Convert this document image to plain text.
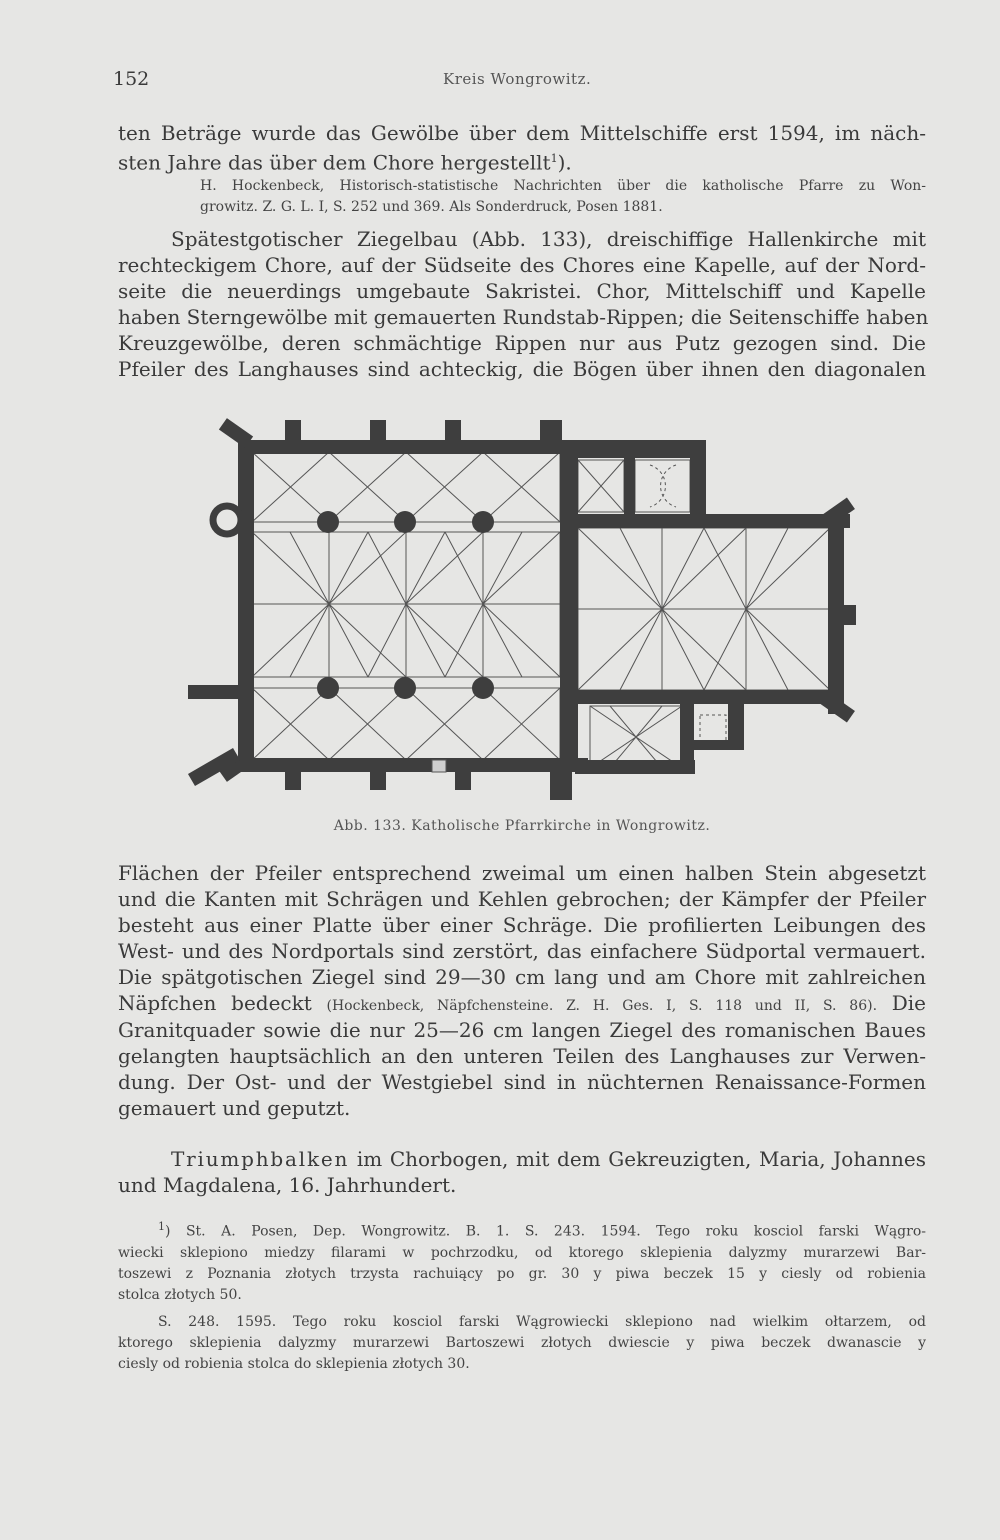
152	Kreis Wongrowitz.
ten Beträge wurde das Gewölbe über dem Mittelschiffe erst 1594, im näch-
sten Jahre das über dem Chore hergestellt$^1$).
H. Hockenbeck, Historisch-statistische Nachrichten über die katholische Pfarre zu Won-
growitz. Z. G. L. I, S. 252 und 369. Als Sonderdruck, Posen 1881.
Spätestgotischer Ziegelbau (Abb. 133), dreischiffige Hallenkirche mit
rechteckigem Chore, auf der Südseite des Chores eine Kapelle, auf der Nord-
seite die neuerdings umgebaute Sakristei. Chor, Mittelschiff und Kapelle
haben Sterngewölbe mit gemauerten Rundstab-Rippen; die Seitenschiffe haben
Kreuzgewölbe, deren schmächtige Rippen nur aus Putz gezogen sind. Die
Pfeiler des Langhauses sind achteckig, die Bögen über ihnen den diagonalen
Abb. 133. Katholische Pfarrkirche in Wongrowitz.
Flächen der Pfeiler entsprechend zweimal um einen halben Stein abgesetzt
und die Kanten mit Schrägen und Kehlen gebrochen; der Kämpfer der Pfeiler
besteht aus einer Platte über einer Schräge. Die profilierten Leibungen des
West- und des Nordportals sind zerstört, das einfachere Südportal vermauert.
Die spätgotischen Ziegel sind 29—30 cm lang und am Chore mit zahlreichen
Näpfchen bedeckt (Hockenbeck, Näpfchensteine. Z. H. Ges. I, S. 118 und II, S. 86). Die
Granitquader sowie die nur 25—26 cm langen Ziegel des romanischen Baues
gelangten hauptsächlich an den unteren Teilen des Langhauses zur Verwen-
dung. Der Ost- und der Westgiebel sind in nüchternen Renaissance-Formen
gemauert und geputzt.
Triumphbalken im Chorbogen, mit dem Gekreuzigten, Maria, Johannes
und Magdalena, 16. Jahrhundert.
$^1$) St. A. Posen, Dep. Wongrowitz. B. 1. S. 243. 1594. Tego roku kosciol farski Wągro-
wiecki sklepiono miedzy filarami w pochrzodku, od ktorego sklepienia dalyzmy murarzewi Bar-
toszewi z Poznania złotych trzysta rachuiący po gr. 30 y piwa beczek 15 y ciesly od robienia
stolca złotych 50.
S. 248. 1595. Tego roku kosciol farski Wągrowiecki sklepiono nad wielkim ołtarzem, od
ktorego sklepienia dalyzmy murarzewi Bartoszewi złotych dwiescie y piwa beczek dwanascie y
ciesly od robienia stolca do sklepienia złotych 30.
